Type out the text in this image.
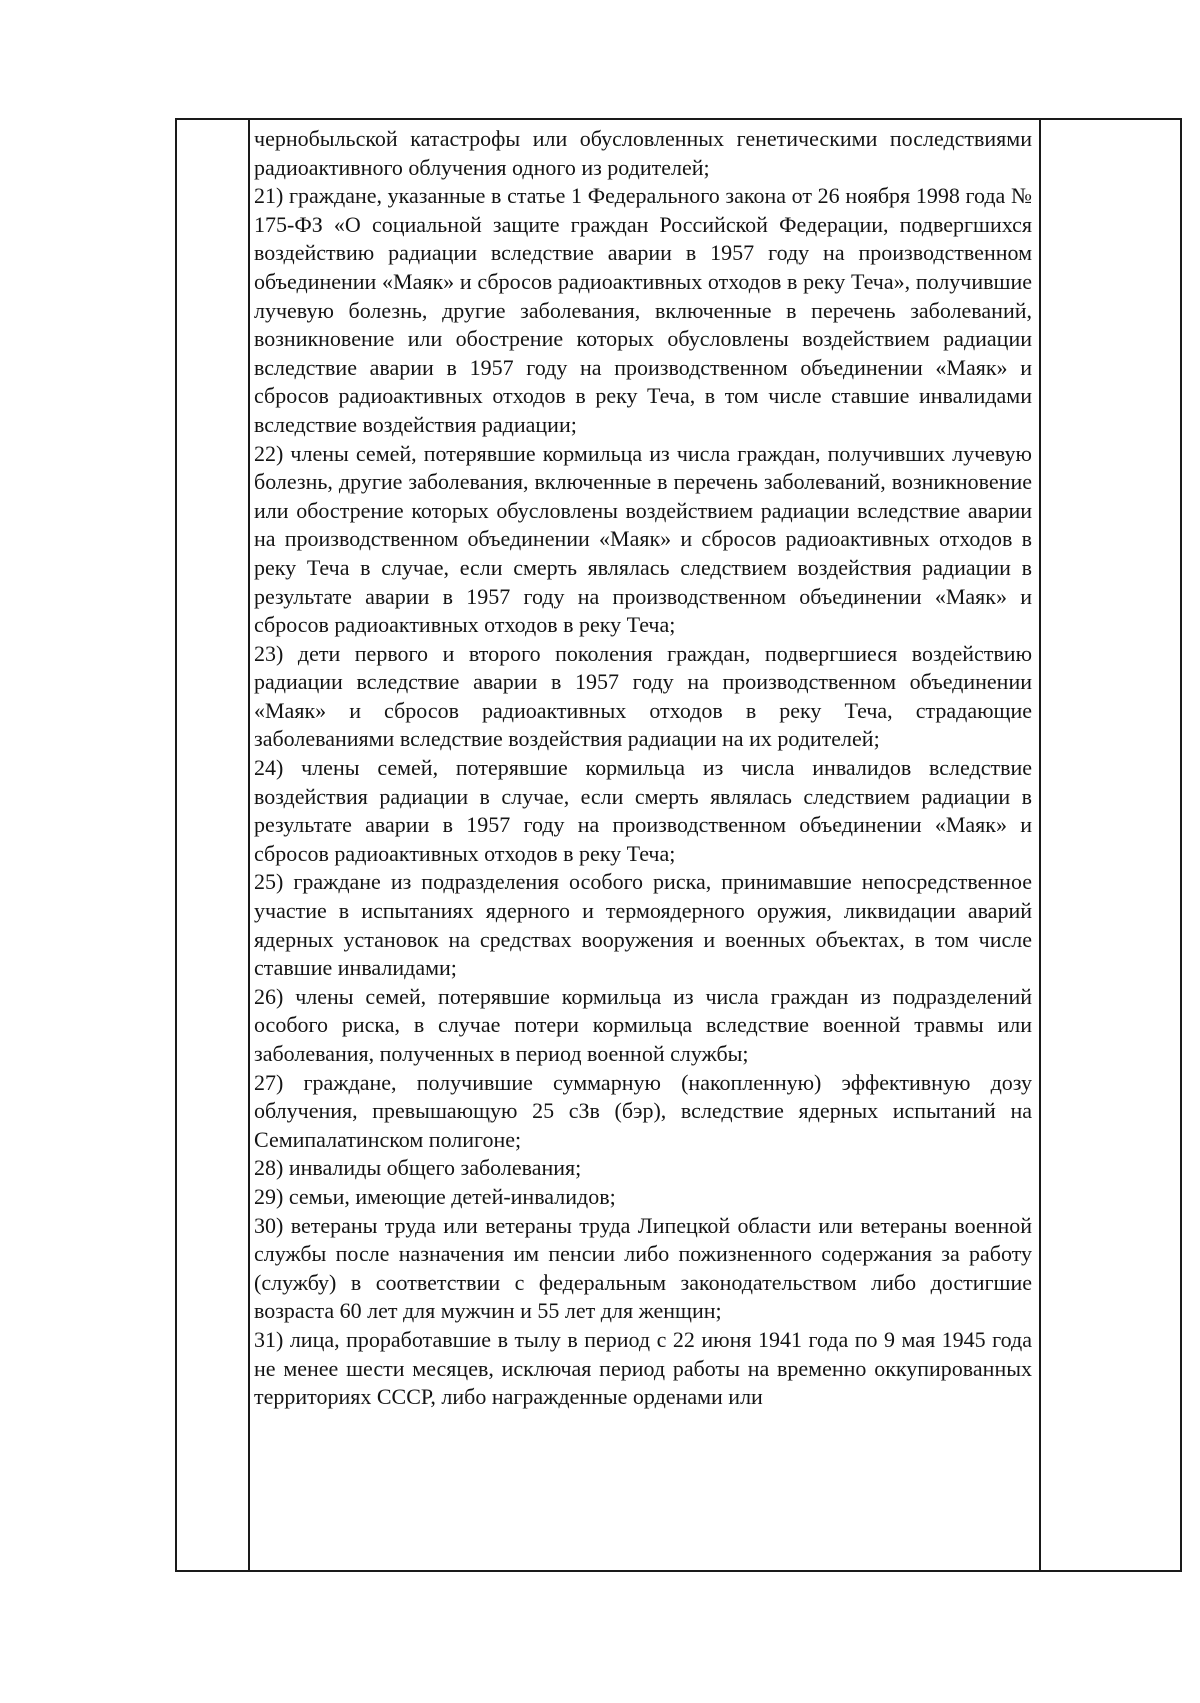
чернобыльской катастрофы или обусловленных генетическими последствиями радиоактивного облучения одного из родителей;

21) граждане, указанные в статье 1 Федерального закона от 26 ноября 1998 года № 175-ФЗ «О социальной защите граждан Российской Федерации, подвергшихся воздействию радиации вследствие аварии в 1957 году на производственном объединении «Маяк» и сбросов радиоактивных отходов в реку Теча», получившие лучевую болезнь, другие заболевания, включенные в перечень заболеваний, возникновение или обострение которых обусловлены воздействием радиации вследствие аварии в 1957 году на производственном объединении «Маяк» и сбросов радиоактивных отходов в реку Теча, в том числе ставшие инвалидами вследствие воздействия радиации;

22) члены семей, потерявшие кормильца из числа граждан, получивших лучевую болезнь, другие заболевания, включенные в перечень заболеваний, возникновение или обострение которых обусловлены воздействием радиации вследствие аварии на производственном объединении «Маяк» и сбросов радиоактивных отходов в реку Теча в случае, если смерть являлась следствием воздействия радиации в результате аварии в 1957 году на производственном объединении «Маяк» и сбросов радиоактивных отходов в реку Теча;

23) дети первого и второго поколения граждан, подвергшиеся воздействию радиации вследствие аварии в 1957 году на производственном объединении «Маяк» и сбросов радиоактивных отходов в реку Теча, страдающие заболеваниями вследствие воздействия радиации на их родителей;

24) члены семей, потерявшие кормильца из числа инвалидов вследствие воздействия радиации в случае, если смерть являлась следствием радиации в результате аварии в 1957 году на производственном объединении «Маяк» и сбросов радиоактивных отходов в реку Теча;

25) граждане из подразделения особого риска, принимавшие непосредственное участие в испытаниях ядерного и термоядерного оружия, ликвидации аварий ядерных установок на средствах вооружения и военных объектах, в том числе ставшие инвалидами;

26) члены семей, потерявшие кормильца из числа граждан из подразделений особого риска, в случае потери кормильца вследствие военной травмы или заболевания, полученных в период военной службы;

27) граждане, получившие суммарную (накопленную) эффективную дозу облучения, превышающую 25 сЗв (бэр), вследствие ядерных испытаний на Семипалатинском полигоне;

28) инвалиды общего заболевания;

29) семьи, имеющие детей-инвалидов;

30) ветераны труда или ветераны труда Липецкой области или ветераны военной службы после назначения им пенсии либо пожизненного содержания за работу (службу) в соответствии с федеральным законодательством либо достигшие возраста 60 лет для мужчин и 55 лет для женщин;

31) лица, проработавшие в тылу в период с 22 июня 1941 года по 9 мая 1945 года не менее шести месяцев, исключая период работы на временно оккупированных территориях СССР, либо награжденные орденами или
